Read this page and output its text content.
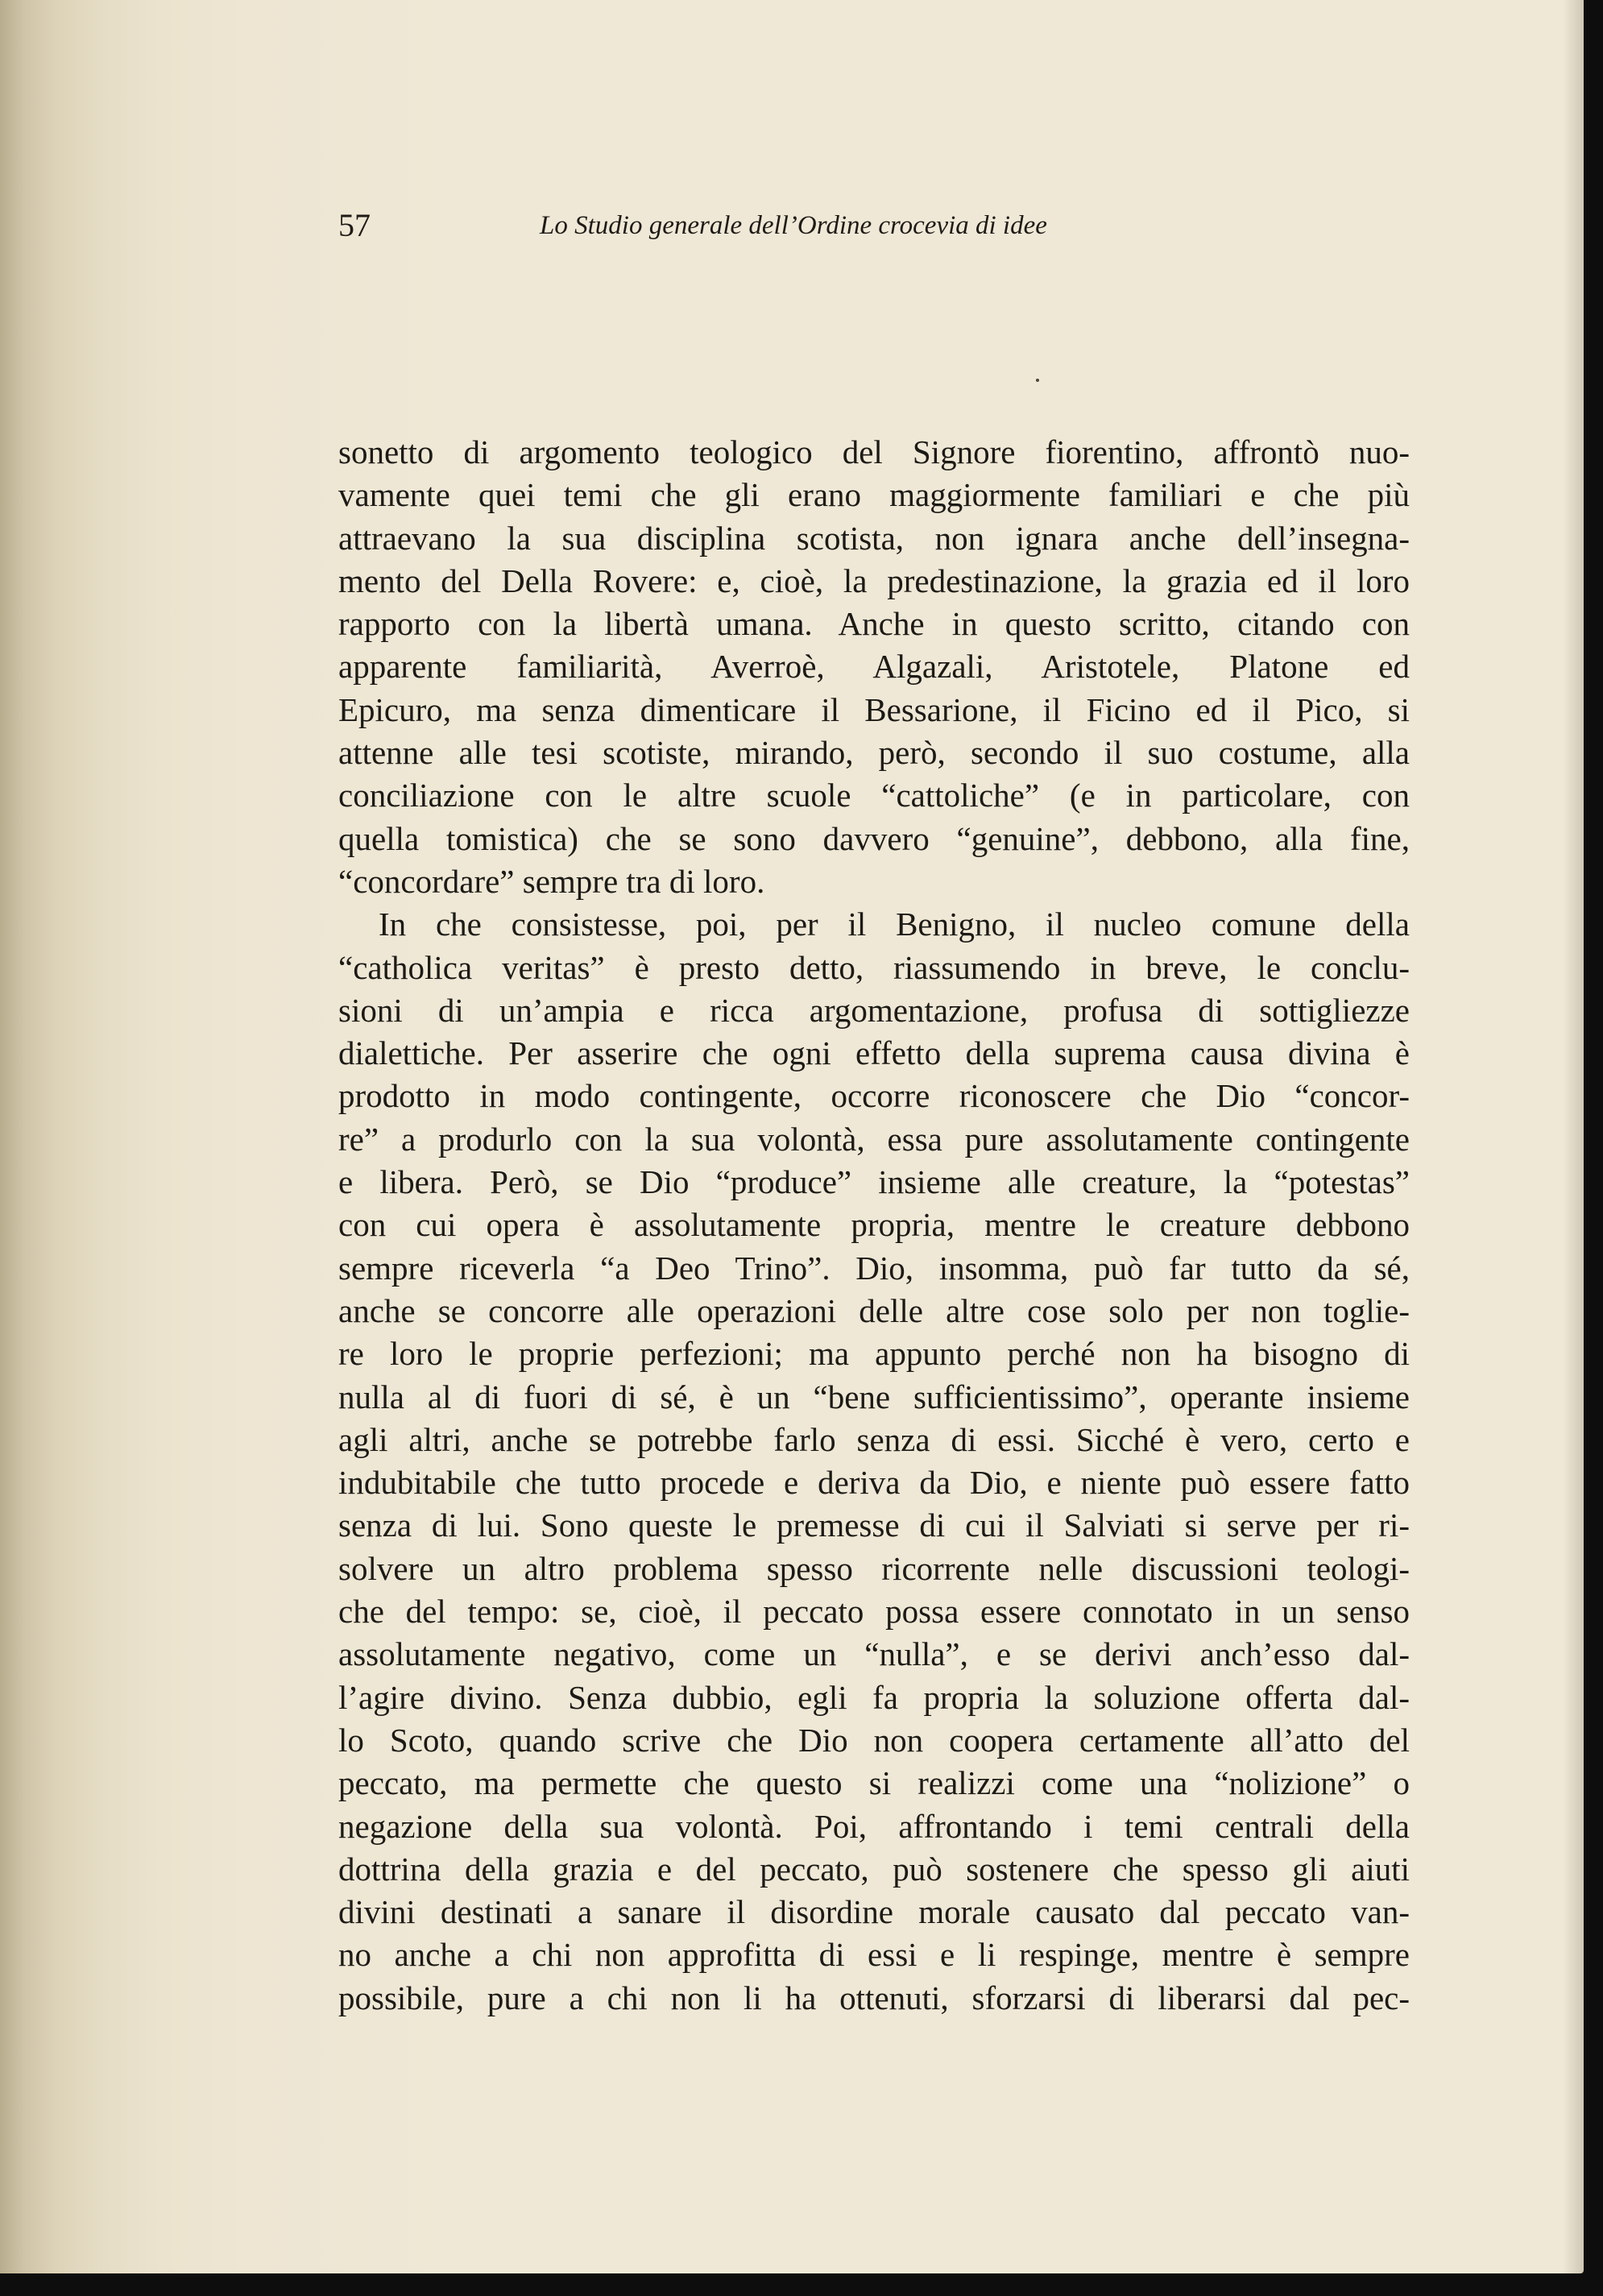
57	Lo Studio generale dell’Ordine crocevia di idee
sonetto di argomento teologico del Signore fiorentino, affrontò nuo-
vamente quei temi che gli erano maggiormente familiari e che più
attraevano la sua disciplina scotista, non ignara anche dell’insegna-
mento del Della Rovere: e, cioè, la predestinazione, la grazia ed il loro
rapporto con la libertà umana. Anche in questo scritto, citando con
apparente familiarità, Averroè, Algazali, Aristotele, Platone ed
Epicuro, ma senza dimenticare il Bessarione, il Ficino ed il Pico, si
attenne alle tesi scotiste, mirando, però, secondo il suo costume, alla
conciliazione con le altre scuole “cattoliche” (e in particolare, con
quella tomistica) che se sono davvero “genuine”, debbono, alla fine,
“concordare” sempre tra di loro.
In che consistesse, poi, per il Benigno, il nucleo comune della
“catholica veritas” è presto detto, riassumendo in breve, le conclu-
sioni di un’ampia e ricca argomentazione, profusa di sottigliezze
dialettiche. Per asserire che ogni effetto della suprema causa divina è
prodotto in modo contingente, occorre riconoscere che Dio “concor-
re” a produrlo con la sua volontà, essa pure assolutamente contingente
e libera. Però, se Dio “produce” insieme alle creature, la “potestas”
con cui opera è assolutamente propria, mentre le creature debbono
sempre riceverla “a Deo Trino”. Dio, insomma, può far tutto da sé,
anche se concorre alle operazioni delle altre cose solo per non toglie-
re loro le proprie perfezioni; ma appunto perché non ha bisogno di
nulla al di fuori di sé, è un “bene sufficientissimo”, operante insieme
agli altri, anche se potrebbe farlo senza di essi. Sicché è vero, certo e
indubitabile che tutto procede e deriva da Dio, e niente può essere fatto
senza di lui. Sono queste le premesse di cui il Salviati si serve per ri-
solvere un altro problema spesso ricorrente nelle discussioni teologi-
che del tempo: se, cioè, il peccato possa essere connotato in un senso
assolutamente negativo, come un “nulla”, e se derivi anch’esso dal-
l’agire divino. Senza dubbio, egli fa propria la soluzione offerta dal-
lo Scoto, quando scrive che Dio non coopera certamente all’atto del
peccato, ma permette che questo si realizzi come una “nolizione” o
negazione della sua volontà. Poi, affrontando i temi centrali della
dottrina della grazia e del peccato, può sostenere che spesso gli aiuti
divini destinati a sanare il disordine morale causato dal peccato van-
no anche a chi non approfitta di essi e li respinge, mentre è sempre
possibile, pure a chi non li ha ottenuti, sforzarsi di liberarsi dal pec-
